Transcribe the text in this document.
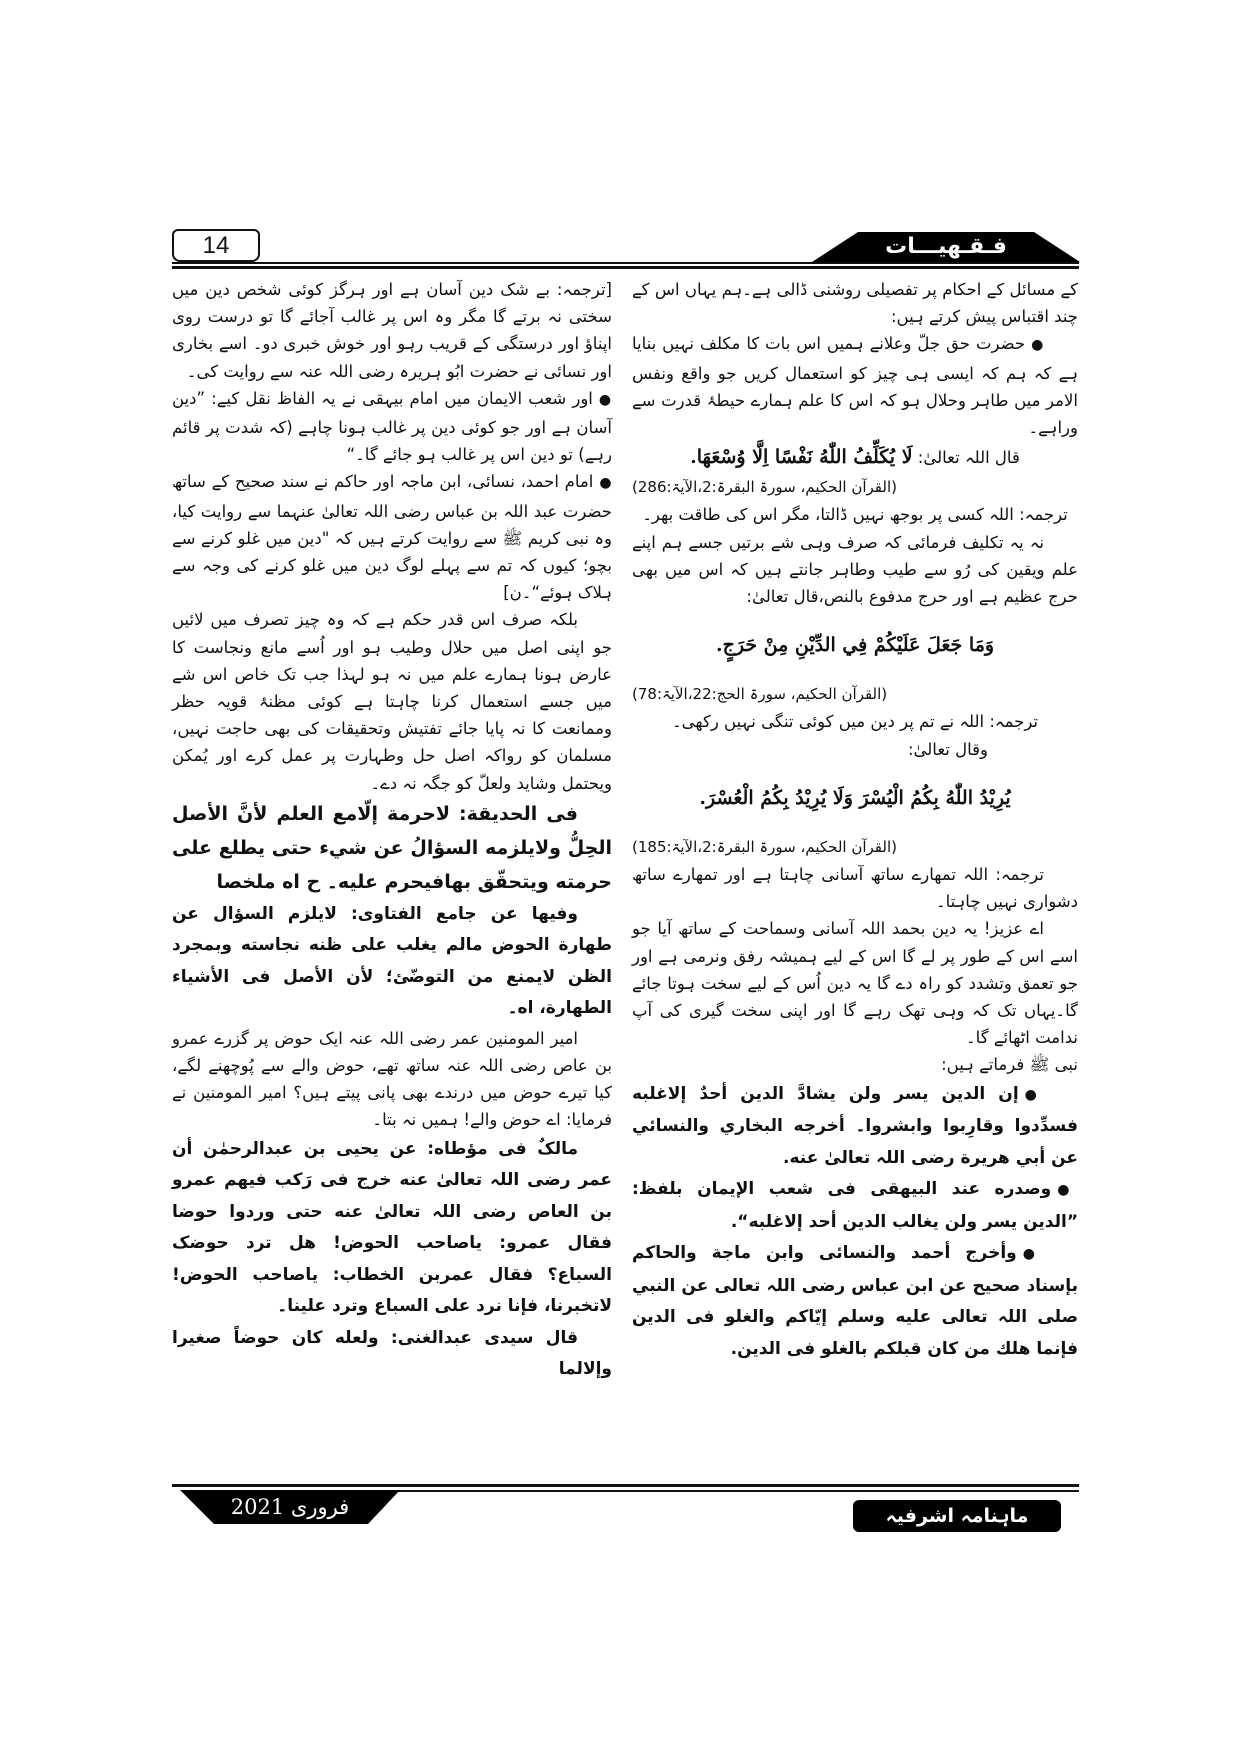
14	فـقـهيـــات

کے مسائل کے احکام پر تفصیلی روشنی ڈالی ہے۔ہم یہاں اس کے چند اقتباس پیش کرتے ہیں:

● حضرت حق جلّ وعلانے ہمیں اس بات کا مکلف نہیں بنایا ہے کہ ہم کہ ایسی ہی چیز کو استعمال کریں جو واقع ونفس الامر میں طاہر وحلال ہو کہ اس کا علم ہمارے حیطۂ قدرت سے وراہے۔

قال اللہ تعالیٰ: لَا يُكَلِّفُ اللّٰهُ نَفْسًا اِلَّا وُسْعَهَا.

(القرآن الحکیم، سورۃ البقرۃ:2،الآیۃ:286)

ترجمہ: اللہ کسی پر بوجھ نہیں ڈالتا، مگر اس کی طاقت بھر۔

نہ یہ تکلیف فرمائی کہ صرف وہی شے برتیں جسے ہم اپنے علم ویقین کی رُو سے طیب وطاہر جانتے ہیں کہ اس میں بھی حرج عظیم ہے اور حرج مدفوع بالنص،قال تعالیٰ:

وَمَا جَعَلَ عَلَيْكُمْ فِي الدِّيْنِ مِنْ حَرَجٍ.

(القرآن الحکیم، سورۃ الحج:22،الآیۃ:78)

ترجمہ: اللہ نے تم پر دین میں کوئی تنگی نہیں رکھی۔

وقال تعالیٰ:

يُرِيْدُ اللّٰهُ بِكُمُ الْيُسْرَ وَلَا يُرِيْدُ بِكُمُ الْعُسْرَ.

(القرآن الحکیم، سورۃ البقرۃ:2،الآیۃ:185)

ترجمہ: اللہ تمھارے ساتھ آسانی چاہتا ہے اور تمھارے ساتھ دشواری نہیں چاہتا۔

اے عزیز! یہ دین بحمد اللہ آسانی وسماحت کے ساتھ آیا جو اسے اس کے طور پر لے گا اس کے لیے ہمیشہ رفق ونرمی ہے اور جو تعمق وتشدد کو راہ دے گا یہ دین اُس کے لیے سخت ہوتا جائے گا۔یہاں تک کہ وہی تھک رہے گا اور اپنی سخت گیری کی آپ ندامت اٹھائے گا۔

نبی ﷺ فرماتے ہیں:

● إن الدين يسر ولن يشادَّ الدين أحدٌ إلاغلبه فسدِّدوا وقارِبوا وابشروا۔ أخرجه البخاري والنسائي عن أبي هريرة رضی اللہ تعالیٰ عنه.

● وصدره عند البيهقى فى شعب الإيمان بلفظ: ”الدين يسر ولن يغالب الدين أحد إلاغلبه“.

● وأخرج أحمد والنسائى وابن ماجة والحاكم بإسناد صحيح عن ابن عباس رضى اللہ تعالى عن النبي صلى اللہ تعالى عليه وسلم إيّاكم والغلو فى الدين فإنما هلك من كان قبلكم بالغلو فى الدين.

[ترجمہ: بے شک دین آسان ہے اور ہرگز کوئی شخص دین میں سختی نہ برتے گا مگر وہ اس پر غالب آجائے گا تو درست روی اپناؤ اور درستگی کے قریب رہو اور خوش خبری دو۔ اسے بخاری اور نسائی نے حضرت ابُو ہریرہ رضی اللہ عنہ سے روایت کی۔

● اور شعب الایمان میں امام بیہقی نے یہ الفاظ نقل کیے: ”دین آسان ہے اور جو کوئی دین پر غالب ہونا چاہے (کہ شدت پر قائم رہے) تو دین اس پر غالب ہو جائے گا۔“

● امام احمد، نسائی، ابن ماجہ اور حاکم نے سند صحیح کے ساتھ حضرت عبد اللہ بن عباس رضی اللہ تعالیٰ عنہما سے روایت کیا، وہ نبی کریم ﷺ سے روایت کرتے ہیں کہ "دین میں غلو کرنے سے بچو؛ کیوں کہ تم سے پہلے لوگ دین میں غلو کرنے کی وجہ سے ہلاک ہوئے“۔ن]

بلکہ صرف اس قدر حکم ہے کہ وہ چیز تصرف میں لائیں جو اپنی اصل میں حلال وطیب ہو اور اُسے مانع ونجاست کا عارض ہونا ہمارے علم میں نہ ہو لہذا جب تک خاص اس شے میں جسے استعمال کرنا چاہتا ہے کوئی مظنۂ قویہ حظر وممانعت کا نہ پایا جائے تفتیش وتحقیقات کی بھی حاجت نہیں، مسلمان کو رواکہ اصل حل وطہارت پر عمل کرے اور یُمکن ویحتمل وشاید ولعلّ کو جگہ نہ دے۔

فى الحديقة: لاحرمة إلّامع العلم لأنَّ الأصل الحِلُّ ولايلزمه السؤالُ عن شيء حتى يطلع على حرمته ويتحقّق بهافيحرم عليه۔ ح اه ملخصا

وفيها عن جامع الفتاوى: لايلزم السؤال عن طهارة الحوض مالم يغلب على ظنه نجاسته وبمجرد الظن لايمنع من التوضّئ؛ لأن الأصل فى الأشياء الطهارة، اه۔

امیر المومنین عمر رضی اللہ عنہ ایک حوض پر گزرے عمرو بن عاص رضی اللہ عنہ ساتھ تھے، حوض والے سے پُوچھنے لگے، کیا تیرے حوض میں درندے بھی پانی پیتے ہیں؟ امیر المومنین نے فرمایا: اے حوض والے! ہمیں نہ بتا۔

مالکٌ فى مؤطاه: عن يحيى بن عبدالرحمٰن أن عمر رضى اللہ تعالىٰ عنه خرج فى رَكب فيهم عمرو بن العاص رضى اللہ تعالىٰ عنه حتى وردوا حوضا فقال عمرو: ياصاحب الحوض! هل ترد حوضک السباع؟ فقال عمربن الخطاب: ياصاحب الحوض! لاتخبرنا، فإنا نرد على السباع وترد علينا۔

قال سيدى عبدالغنى: ولعله كان حوضاً صغيرا وإلالما

فروری 2021	ماہنامہ اشرفیہ
